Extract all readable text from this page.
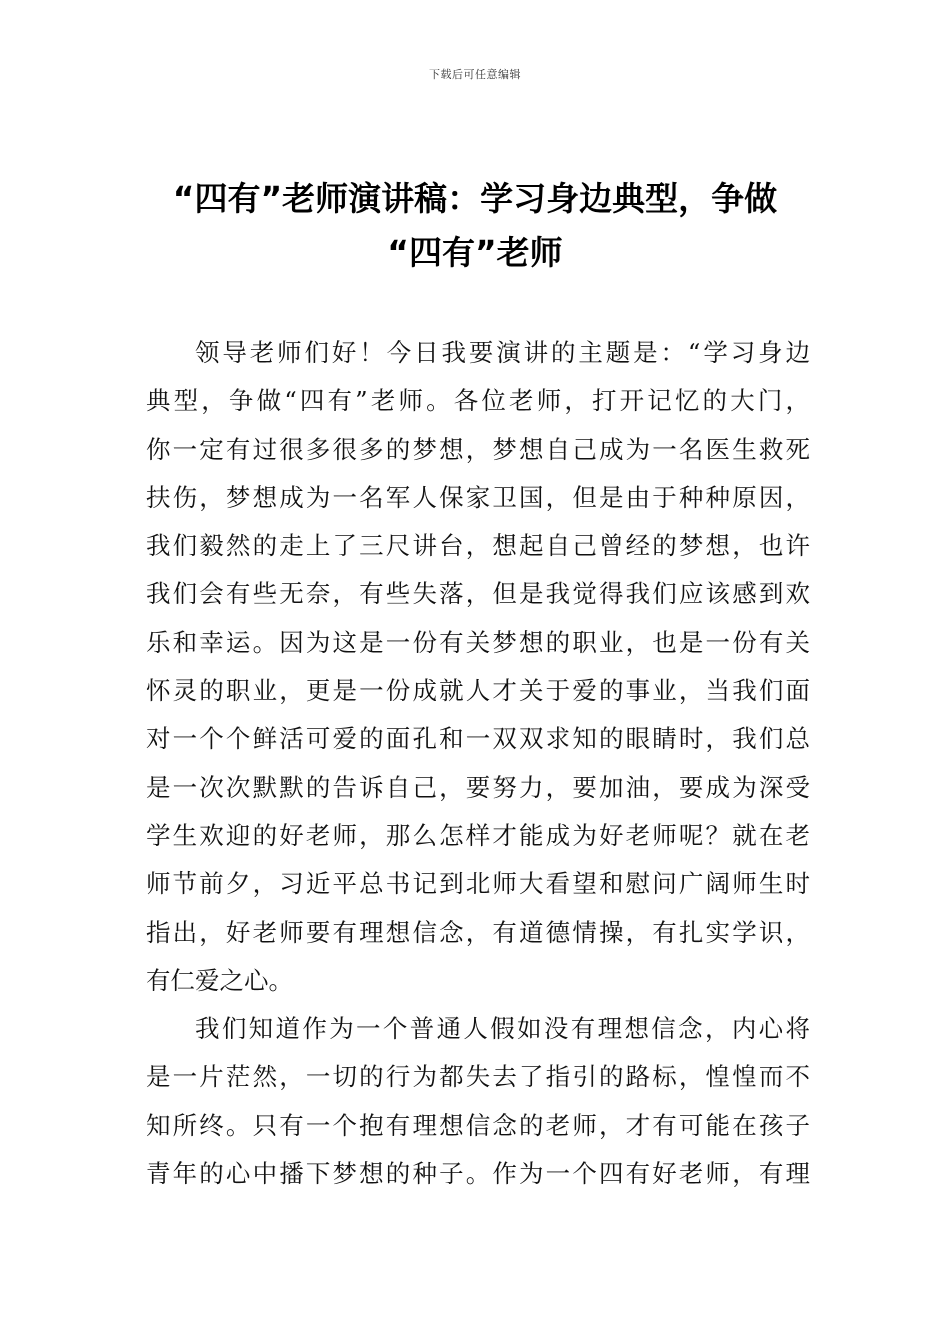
下载后可任意编辑
“四有”老师演讲稿：学习身边典型，争做
“四有”老师

领导老师们好！今日我要演讲的主题是：“学习身边
典型，争做“四有”老师。各位老师，打开记忆的大门，
你一定有过很多很多的梦想，梦想自己成为一名医生救死
扶伤，梦想成为一名军人保家卫国，但是由于种种原因，
我们毅然的走上了三尺讲台，想起自己曾经的梦想，也许
我们会有些无奈，有些失落，但是我觉得我们应该感到欢
乐和幸运。因为这是一份有关梦想的职业，也是一份有关
怀灵的职业，更是一份成就人才关于爱的事业，当我们面
对一个个鲜活可爱的面孔和一双双求知的眼睛时，我们总
是一次次默默的告诉自己，要努力，要加油，要成为深受
学生欢迎的好老师，那么怎样才能成为好老师呢？就在老
师节前夕，习近平总书记到北师大看望和慰问广阔师生时
指出，好老师要有理想信念，有道德情操，有扎实学识，
有仁爱之心。

我们知道作为一个普通人假如没有理想信念，内心将
是一片茫然，一切的行为都失去了指引的路标，惶惶而不
知所终。只有一个抱有理想信念的老师，才有可能在孩子
青年的心中播下梦想的种子。作为一个四有好老师，有理
